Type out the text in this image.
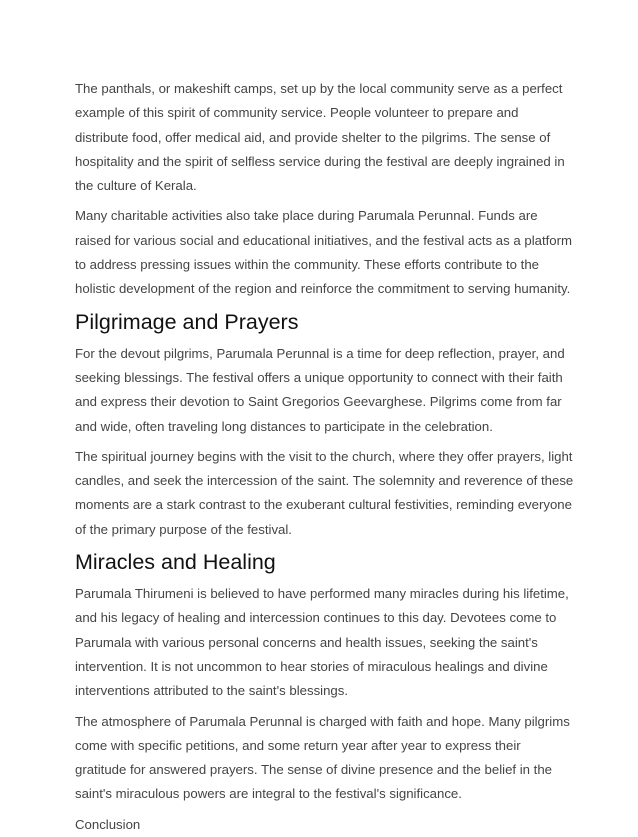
The panthals, or makeshift camps, set up by the local community serve as a perfect example of this spirit of community service. People volunteer to prepare and distribute food, offer medical aid, and provide shelter to the pilgrims. The sense of hospitality and the spirit of selfless service during the festival are deeply ingrained in the culture of Kerala.

Many charitable activities also take place during Parumala Perunnal. Funds are raised for various social and educational initiatives, and the festival acts as a platform to address pressing issues within the community. These efforts contribute to the holistic development of the region and reinforce the commitment to serving humanity.

Pilgrimage and Prayers

For the devout pilgrims, Parumala Perunnal is a time for deep reflection, prayer, and seeking blessings. The festival offers a unique opportunity to connect with their faith and express their devotion to Saint Gregorios Geevarghese. Pilgrims come from far and wide, often traveling long distances to participate in the celebration.

The spiritual journey begins with the visit to the church, where they offer prayers, light candles, and seek the intercession of the saint. The solemnity and reverence of these moments are a stark contrast to the exuberant cultural festivities, reminding everyone of the primary purpose of the festival.

Miracles and Healing

Parumala Thirumeni is believed to have performed many miracles during his lifetime, and his legacy of healing and intercession continues to this day. Devotees come to Parumala with various personal concerns and health issues, seeking the saint's intervention. It is not uncommon to hear stories of miraculous healings and divine interventions attributed to the saint's blessings.

The atmosphere of Parumala Perunnal is charged with faith and hope. Many pilgrims come with specific petitions, and some return year after year to express their gratitude for answered prayers. The sense of divine presence and the belief in the saint's miraculous powers are integral to the festival's significance.

Conclusion
